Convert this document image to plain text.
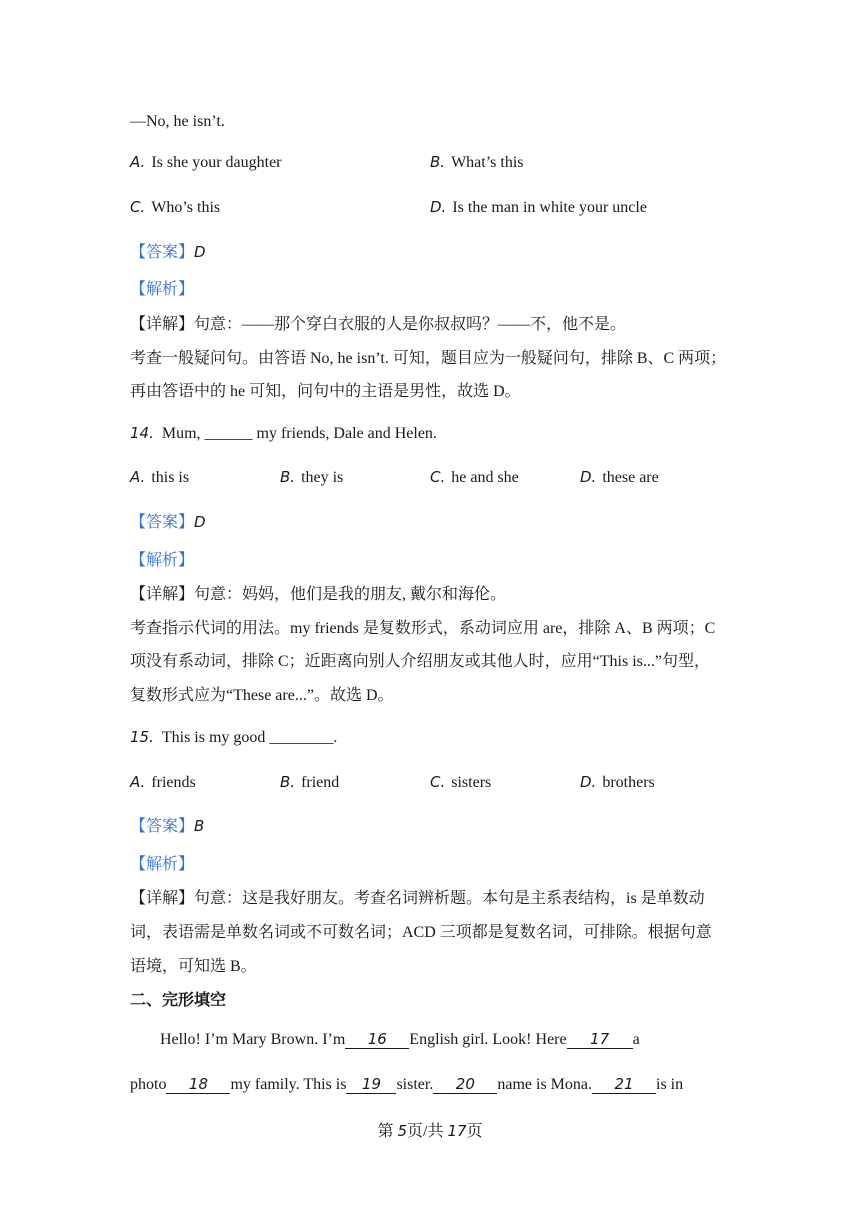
—No, he isn’t.
A. Is she your daughter	B. What’s this
C. Who’s this	D. Is the man in white your uncle
【答案】D
【解析】
【详解】句意：——那个穿白衣服的人是你叔叔吗？——不，他不是。
考查一般疑问句。由答语 No, he isn’t. 可知，题目应为一般疑问句，排除 B、C 两项；
再由答语中的 he 可知，问句中的主语是男性，故选 D。
14. Mum, ______ my friends, Dale and Helen.
A. this is	B. they is	C. he and she	D. these are
【答案】D
【解析】
【详解】句意：妈妈，他们是我的朋友, 戴尔和海伦。
考查指示代词的用法。my friends 是复数形式，系动词应用 are，排除 A、B 两项；C
项没有系动词，排除 C；近距离向别人介绍朋友或其他人时，应用“This is...”句型，
复数形式应为“These are...”。故选 D。
15. This is my good ________.
A. friends	B. friend	C. sisters	D. brothers
【答案】B
【解析】
【详解】句意：这是我好朋友。考查名词辨析题。本句是主系表结构，is 是单数动
词，表语需是单数名词或不可数名词；ACD 三项都是复数名词，可排除。根据句意
语境，可知选 B。
二、完形填空
Hello! I’m Mary Brown. I’m 16 English girl. Look! Here 17 a
photo 18 my family. This is 19 sister. 20 name is Mona. 21 is in
第 5页/共 17页
